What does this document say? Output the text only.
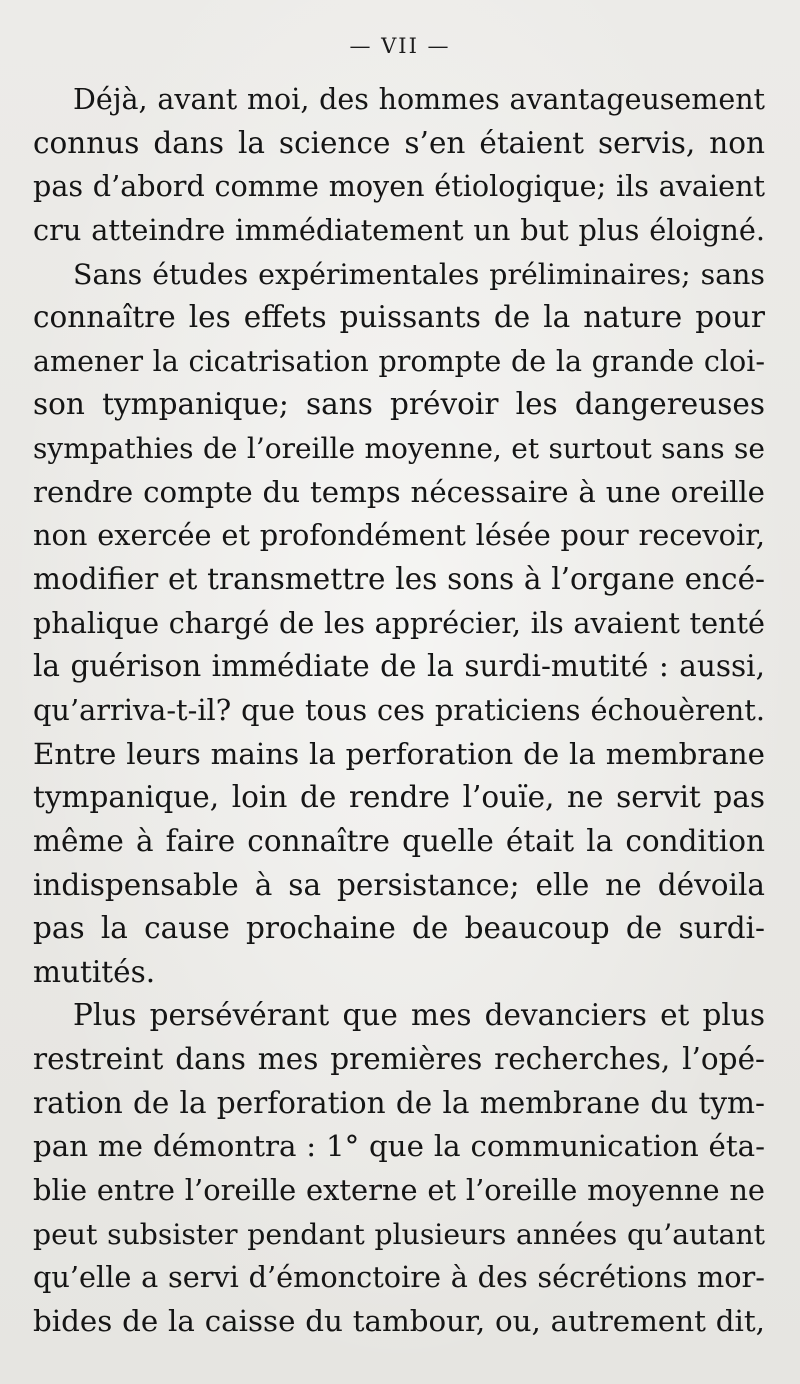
— VII —
Déjà, avant moi, des hommes avantageusement
connus dans la science s’en étaient servis, non
pas d’abord comme moyen étiologique; ils avaient
cru atteindre immédiatement un but plus éloigné.
Sans études expérimentales préliminaires; sans
connaître les effets puissants de la nature pour
amener la cicatrisation prompte de la grande cloi-
son tympanique; sans prévoir les dangereuses
sympathies de l’oreille moyenne, et surtout sans se
rendre compte du temps nécessaire à une oreille
non exercée et profondément lésée pour recevoir,
modifier et transmettre les sons à l’organe encé-
phalique chargé de les apprécier, ils avaient tenté
la guérison immédiate de la surdi-mutité : aussi,
qu’arriva-t-il? que tous ces praticiens échouèrent.
Entre leurs mains la perforation de la membrane
tympanique, loin de rendre l’ouïe, ne servit pas
même à faire connaître quelle était la condition
indispensable à sa persistance; elle ne dévoila
pas la cause prochaine de beaucoup de surdi-
mutités.
Plus persévérant que mes devanciers et plus
restreint dans mes premières recherches, l’opé-
ration de la perforation de la membrane du tym-
pan me démontra : 1° que la communication éta-
blie entre l’oreille externe et l’oreille moyenne ne
peut subsister pendant plusieurs années qu’autant
qu’elle a servi d’émonctoire à des sécrétions mor-
bides de la caisse du tambour, ou, autrement dit,
